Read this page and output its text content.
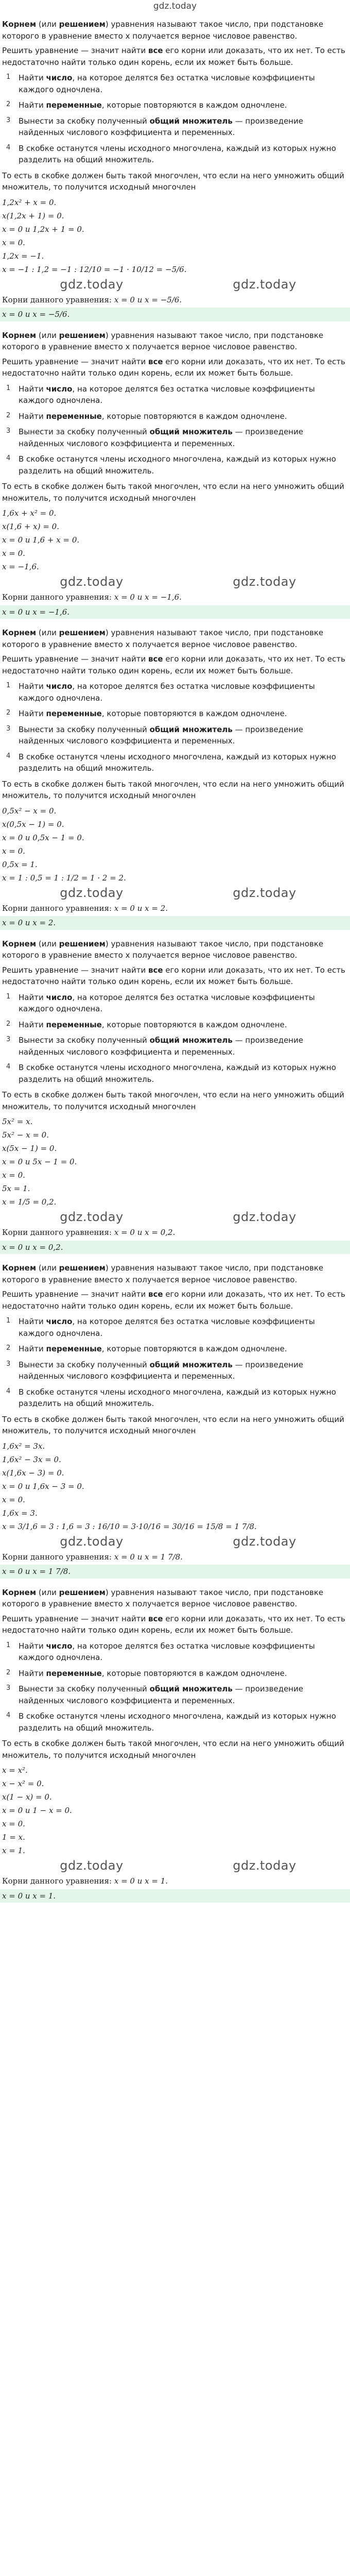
gdz.today

Корнем (или решением) уравнения называют такое число, при подстановке которого в уравнение вместо x получается верное числовое равенство.

Решить уравнение — значит найти все его корни или доказать, что их нет. То есть недостаточно найти только один корень, если их может быть больше.

1	Найти число, на которое делятся без остатка числовые коэффициенты каждого одночлена.
2	Найти переменные, которые повторяются в каждом одночлене.
3	Вынести за скобку полученный общий множитель — произведение найденных числового коэффициента и переменных.
4	В скобке останутся члены исходного многочлена, каждый из которых нужно разделить на общий множитель.

То есть в скобке должен быть такой многочлен, что если на него умножить общий множитель, то получится исходный многочлен

1,2x² + x = 0.
x(1,2x + 1) = 0.
x = 0 и 1,2x + 1 = 0.
x = 0.
1,2x = −1.
x = −1 : 1,2 = −1 : 12/10 = −1 · 10/12 = −5/6.
gdz.today	gdz.today
Корни данного уравнения: x = 0 и x = −5/6.
x = 0 и x = −5/6.

Корнем (или решением) уравнения называют такое число, при подстановке которого в уравнение вместо x получается верное числовое равенство.

Решить уравнение — значит найти все его корни или доказать, что их нет. То есть недостаточно найти только один корень, если их может быть больше.

1	Найти число, на которое делятся без остатка числовые коэффициенты каждого одночлена.
2	Найти переменные, которые повторяются в каждом одночлене.
3	Вынести за скобку полученный общий множитель — произведение найденных числового коэффициента и переменных.
4	В скобке останутся члены исходного многочлена, каждый из которых нужно разделить на общий множитель.

То есть в скобке должен быть такой многочлен, что если на него умножить общий множитель, то получится исходный многочлен

1,6x + x² = 0.
x(1,6 + x) = 0.
x = 0 и 1,6 + x = 0.
x = 0.
x = −1,6.
gdz.today	gdz.today
Корни данного уравнения: x = 0 и x = −1,6.
x = 0 и x = −1,6.

Корнем (или решением) уравнения называют такое число, при подстановке которого в уравнение вместо x получается верное числовое равенство.

Решить уравнение — значит найти все его корни или доказать, что их нет. То есть недостаточно найти только один корень, если их может быть больше.

1	Найти число, на которое делятся без остатка числовые коэффициенты каждого одночлена.
2	Найти переменные, которые повторяются в каждом одночлене.
3	Вынести за скобку полученный общий множитель — произведение найденных числового коэффициента и переменных.
4	В скобке останутся члены исходного многочлена, каждый из которых нужно разделить на общий множитель.

То есть в скобке должен быть такой многочлен, что если на него умножить общий множитель, то получится исходный многочлен

0,5x² − x = 0.
x(0,5x − 1) = 0.
x = 0 и 0,5x − 1 = 0.
x = 0.
0,5x = 1.
x = 1 : 0,5 = 1 : 1/2 = 1 · 2 = 2.
gdz.today	gdz.today
Корни данного уравнения: x = 0 и x = 2.
x = 0 и x = 2.

Корнем (или решением) уравнения называют такое число, при подстановке которого в уравнение вместо x получается верное числовое равенство.

Решить уравнение — значит найти все его корни или доказать, что их нет. То есть недостаточно найти только один корень, если их может быть больше.

1	Найти число, на которое делятся без остатка числовые коэффициенты каждого одночлена.
2	Найти переменные, которые повторяются в каждом одночлене.
3	Вынести за скобку полученный общий множитель — произведение найденных числового коэффициента и переменных.
4	В скобке останутся члены исходного многочлена, каждый из которых нужно разделить на общий множитель.

То есть в скобке должен быть такой многочлен, что если на него умножить общий множитель, то получится исходный многочлен

5x² = x.
5x² − x = 0.
x(5x − 1) = 0.
x = 0 и 5x − 1 = 0.
x = 0.
5x = 1.
x = 1/5 = 0,2.
gdz.today	gdz.today
Корни данного уравнения: x = 0 и x = 0,2.
x = 0 и x = 0,2.

Корнем (или решением) уравнения называют такое число, при подстановке которого в уравнение вместо x получается верное числовое равенство.

Решить уравнение — значит найти все его корни или доказать, что их нет. То есть недостаточно найти только один корень, если их может быть больше.

1	Найти число, на которое делятся без остатка числовые коэффициенты каждого одночлена.
2	Найти переменные, которые повторяются в каждом одночлене.
3	Вынести за скобку полученный общий множитель — произведение найденных числового коэффициента и переменных.
4	В скобке останутся члены исходного многочлена, каждый из которых нужно разделить на общий множитель.

То есть в скобке должен быть такой многочлен, что если на него умножить общий множитель, то получится исходный многочлен

1,6x² = 3x.
1,6x² − 3x = 0.
x(1,6x − 3) = 0.
x = 0 и 1,6x − 3 = 0.
x = 0.
1,6x = 3.
x = 3/1,6 = 3 : 1,6 = 3 : 16/10 = 3·10/16 = 30/16 = 15/8 = 1 7/8.
gdz.today	gdz.today
Корни данного уравнения: x = 0 и x = 1 7/8.
x = 0 и x = 1 7/8.

Корнем (или решением) уравнения называют такое число, при подстановке которого в уравнение вместо x получается верное числовое равенство.

Решить уравнение — значит найти все его корни или доказать, что их нет. То есть недостаточно найти только один корень, если их может быть больше.

1	Найти число, на которое делятся без остатка числовые коэффициенты каждого одночлена.
2	Найти переменные, которые повторяются в каждом одночлене.
3	Вынести за скобку полученный общий множитель — произведение найденных числового коэффициента и переменных.
4	В скобке останутся члены исходного многочлена, каждый из которых нужно разделить на общий множитель.

То есть в скобке должен быть такой многочлен, что если на него умножить общий множитель, то получится исходный многочлен

x = x².
x − x² = 0.
x(1 − x) = 0.
x = 0 и 1 − x = 0.
x = 0.
1 = x.
x = 1.
gdz.today	gdz.today
Корни данного уравнения: x = 0 и x = 1.
x = 0 и x = 1.
